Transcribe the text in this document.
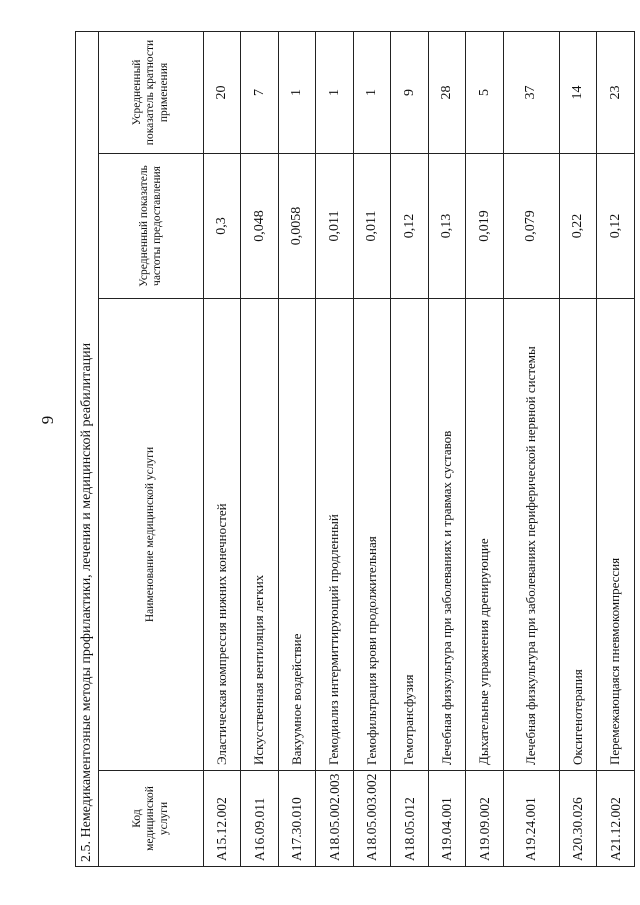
9 2.5. Немедикаментозные методы профилактики, лечения и медицинской реабилитации			
Код медицинской услуги	Наименование медицинской услуги	Усредненный показатель частоты предоставления	Усредненный показатель кратности применения
A15.12.002	Эластическая компрессия нижних конечностей	0,3	20
A16.09.011	Искусственная вентиляция легких	0,048	7
A17.30.010	Вакуумное воздействие	0,0058	1
A18.05.002.003	Гемодиализ интермиттирующий продленный	0,011	1
A18.05.003.002	Гемофильтрация крови продолжительная	0,011	1
A18.05.012	Гемотрансфузия	0,12	9
A19.04.001	Лечебная физкультура при заболеваниях и травмах суставов	0,13	28
A19.09.002	Дыхательные упражнения дренирующие	0,019	5
A19.24.001	Лечебная физкультура при заболеваниях периферической нервной системы	0,079	37
A20.30.026	Оксигенотерапия	0,22	14
A21.12.002	Перемежающаяся пневмокомпрессия	0,12	23
